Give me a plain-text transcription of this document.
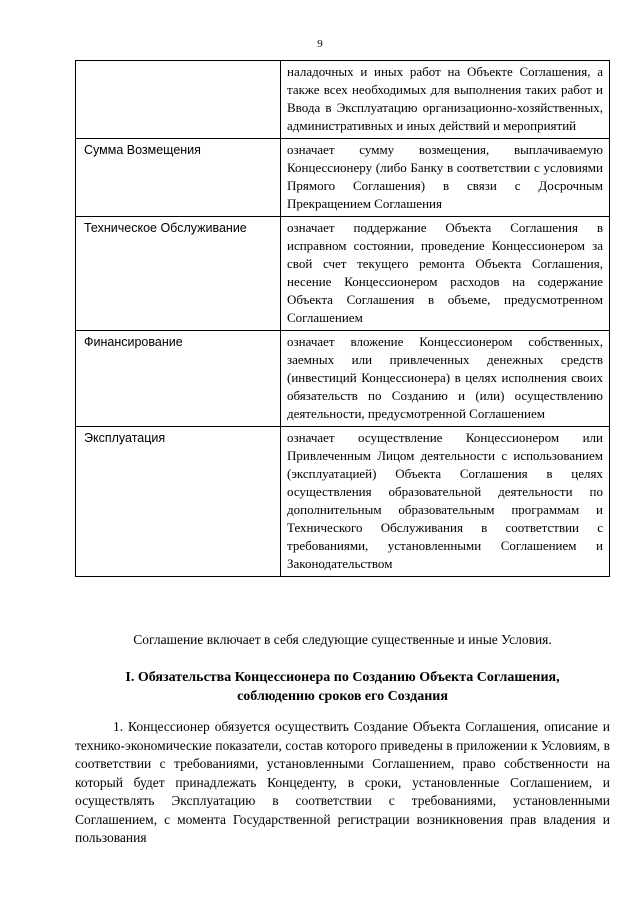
9
	наладочных и иных работ на Объекте Соглашения, а также всех необходимых для выполнения таких работ и Ввода в Эксплуатацию организационно-хозяйственных, административных и иных действий и мероприятий
Сумма Возмещения	означает сумму возмещения, выплачиваемую Концессионеру (либо Банку в соответствии с условиями Прямого Соглашения) в связи с Досрочным Прекращением Соглашения
Техническое Обслуживание	означает поддержание Объекта Соглашения в исправном состоянии, проведение Концессионером за свой счет текущего ремонта Объекта Соглашения, несение Концессионером расходов на содержание Объекта Соглашения в объеме, предусмотренном Соглашением
Финансирование	означает вложение Концессионером собственных, заемных или привлеченных денежных средств (инвестиций Концессионера) в целях исполнения своих обязательств по Созданию и (или) осуществлению деятельности, предусмотренной Соглашением
Эксплуатация	означает осуществление Концессионером или Привлеченным Лицом деятельности с использованием (эксплуатацией) Объекта Соглашения в целях осуществления образовательной деятельности по дополнительным образовательным программам и Технического Обслуживания в соответствии с требованиями, установленными Соглашением и Законодательством
Соглашение включает в себя следующие существенные и иные Условия.
I. Обязательства Концессионера по Созданию Объекта Соглашения,
соблюдению сроков его Создания
1. Концессионер обязуется осуществить Создание Объекта Соглашения, описание и технико-экономические показатели, состав которого приведены в приложении к Условиям, в соответствии с требованиями, установленными Соглашением, право собственности на который будет принадлежать Концеденту, в сроки, установленные Соглашением, и осуществлять Эксплуатацию в соответствии с требованиями, установленными Соглашением, с момента Государственной регистрации возникновения прав владения и пользования
